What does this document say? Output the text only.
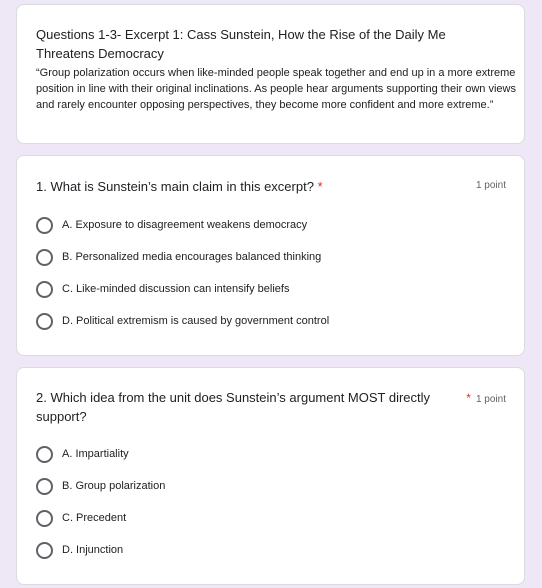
Questions 1-3- Excerpt 1: Cass Sunstein, How the Rise of the Daily Me Threatens Democracy
“Group polarization occurs when like-minded people speak together and end up in a more extreme position in line with their original inclinations. As people hear arguments supporting their own views and rarely encounter opposing perspectives, they become more confident and more extreme.”
1. What is Sunstein’s main claim in this excerpt? *	1 point
A. Exposure to disagreement weakens democracy
B. Personalized media encourages balanced thinking
C. Like-minded discussion can intensify beliefs
D. Political extremism is caused by government control
2. Which idea from the unit does Sunstein’s argument MOST directly support?
* 1 point
A. Impartiality
B. Group polarization
C. Precedent
D. Injunction
